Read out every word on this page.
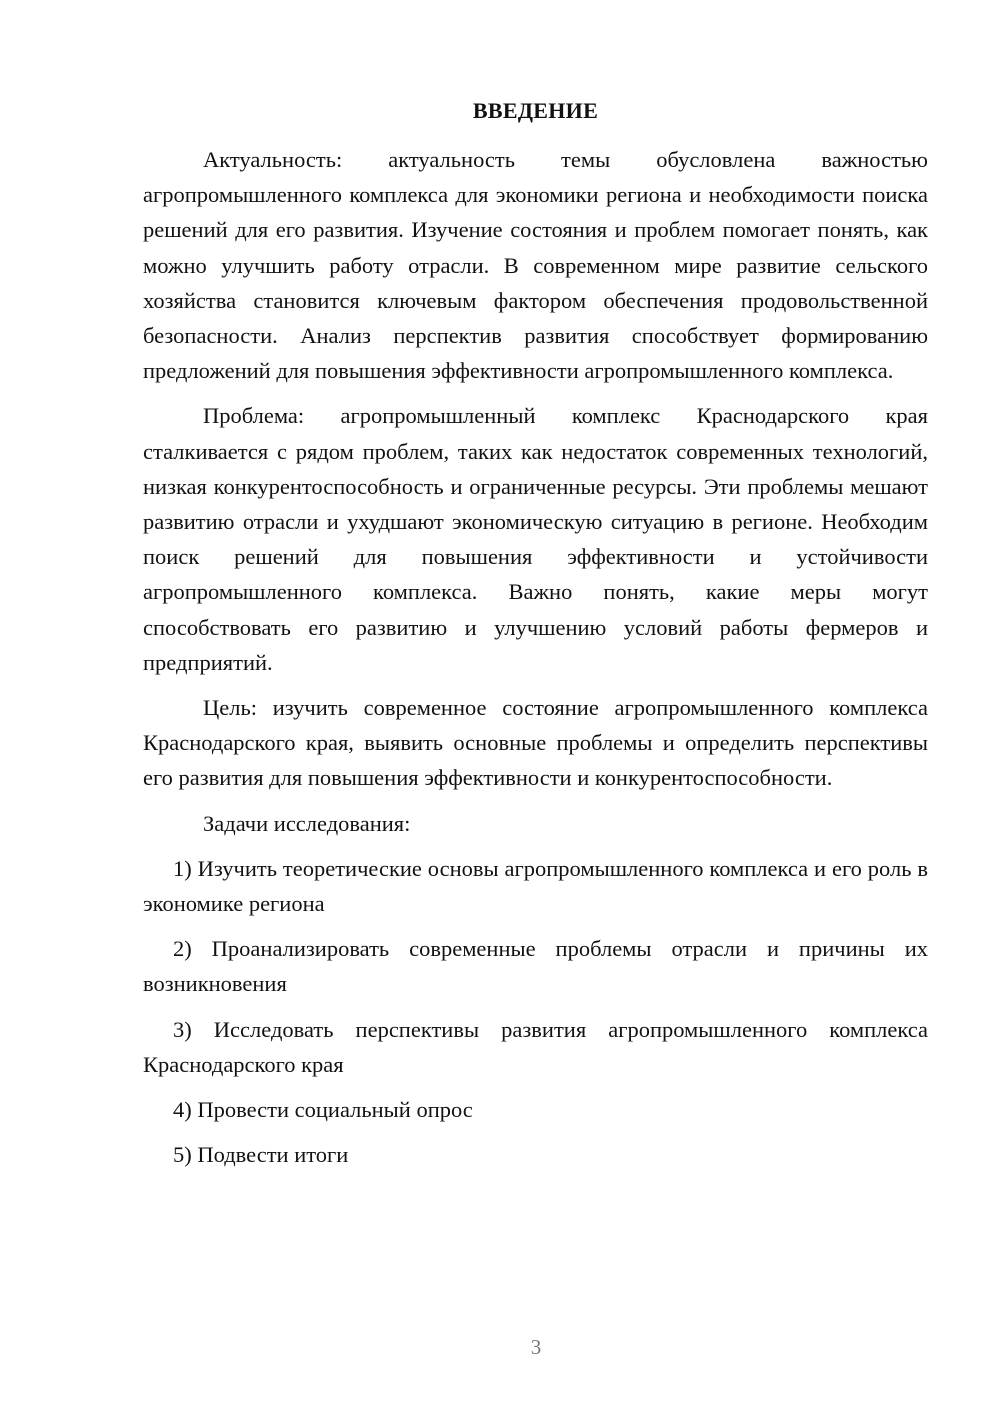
ВВЕДЕНИЕ

Актуальность: актуальность темы обусловлена важностью агропромышленного комплекса для экономики региона и необходимости поиска решений для его развития. Изучение состояния и проблем помогает понять, как можно улучшить работу отрасли. В современном мире развитие сельского хозяйства становится ключевым фактором обеспечения продовольственной безопасности. Анализ перспектив развития способствует формированию предложений для повышения эффективности агропромышленного комплекса.

Проблема: агропромышленный комплекс Краснодарского края сталкивается с рядом проблем, таких как недостаток современных технологий, низкая конкурентоспособность и ограниченные ресурсы. Эти проблемы мешают развитию отрасли и ухудшают экономическую ситуацию в регионе. Необходим поиск решений для повышения эффективности и устойчивости агропромышленного комплекса. Важно понять, какие меры могут способствовать его развитию и улучшению условий работы фермеров и предприятий.

Цель: изучить современное состояние агропромышленного комплекса Краснодарского края, выявить основные проблемы и определить перспективы его развития для повышения эффективности и конкурентоспособности.

Задачи исследования:

1) Изучить теоретические основы агропромышленного комплекса и его роль в экономике региона

2) Проанализировать современные проблемы отрасли и причины их возникновения

3) Исследовать перспективы развития агропромышленного комплекса Краснодарского края

4) Провести социальный опрос

5) Подвести итоги

3
